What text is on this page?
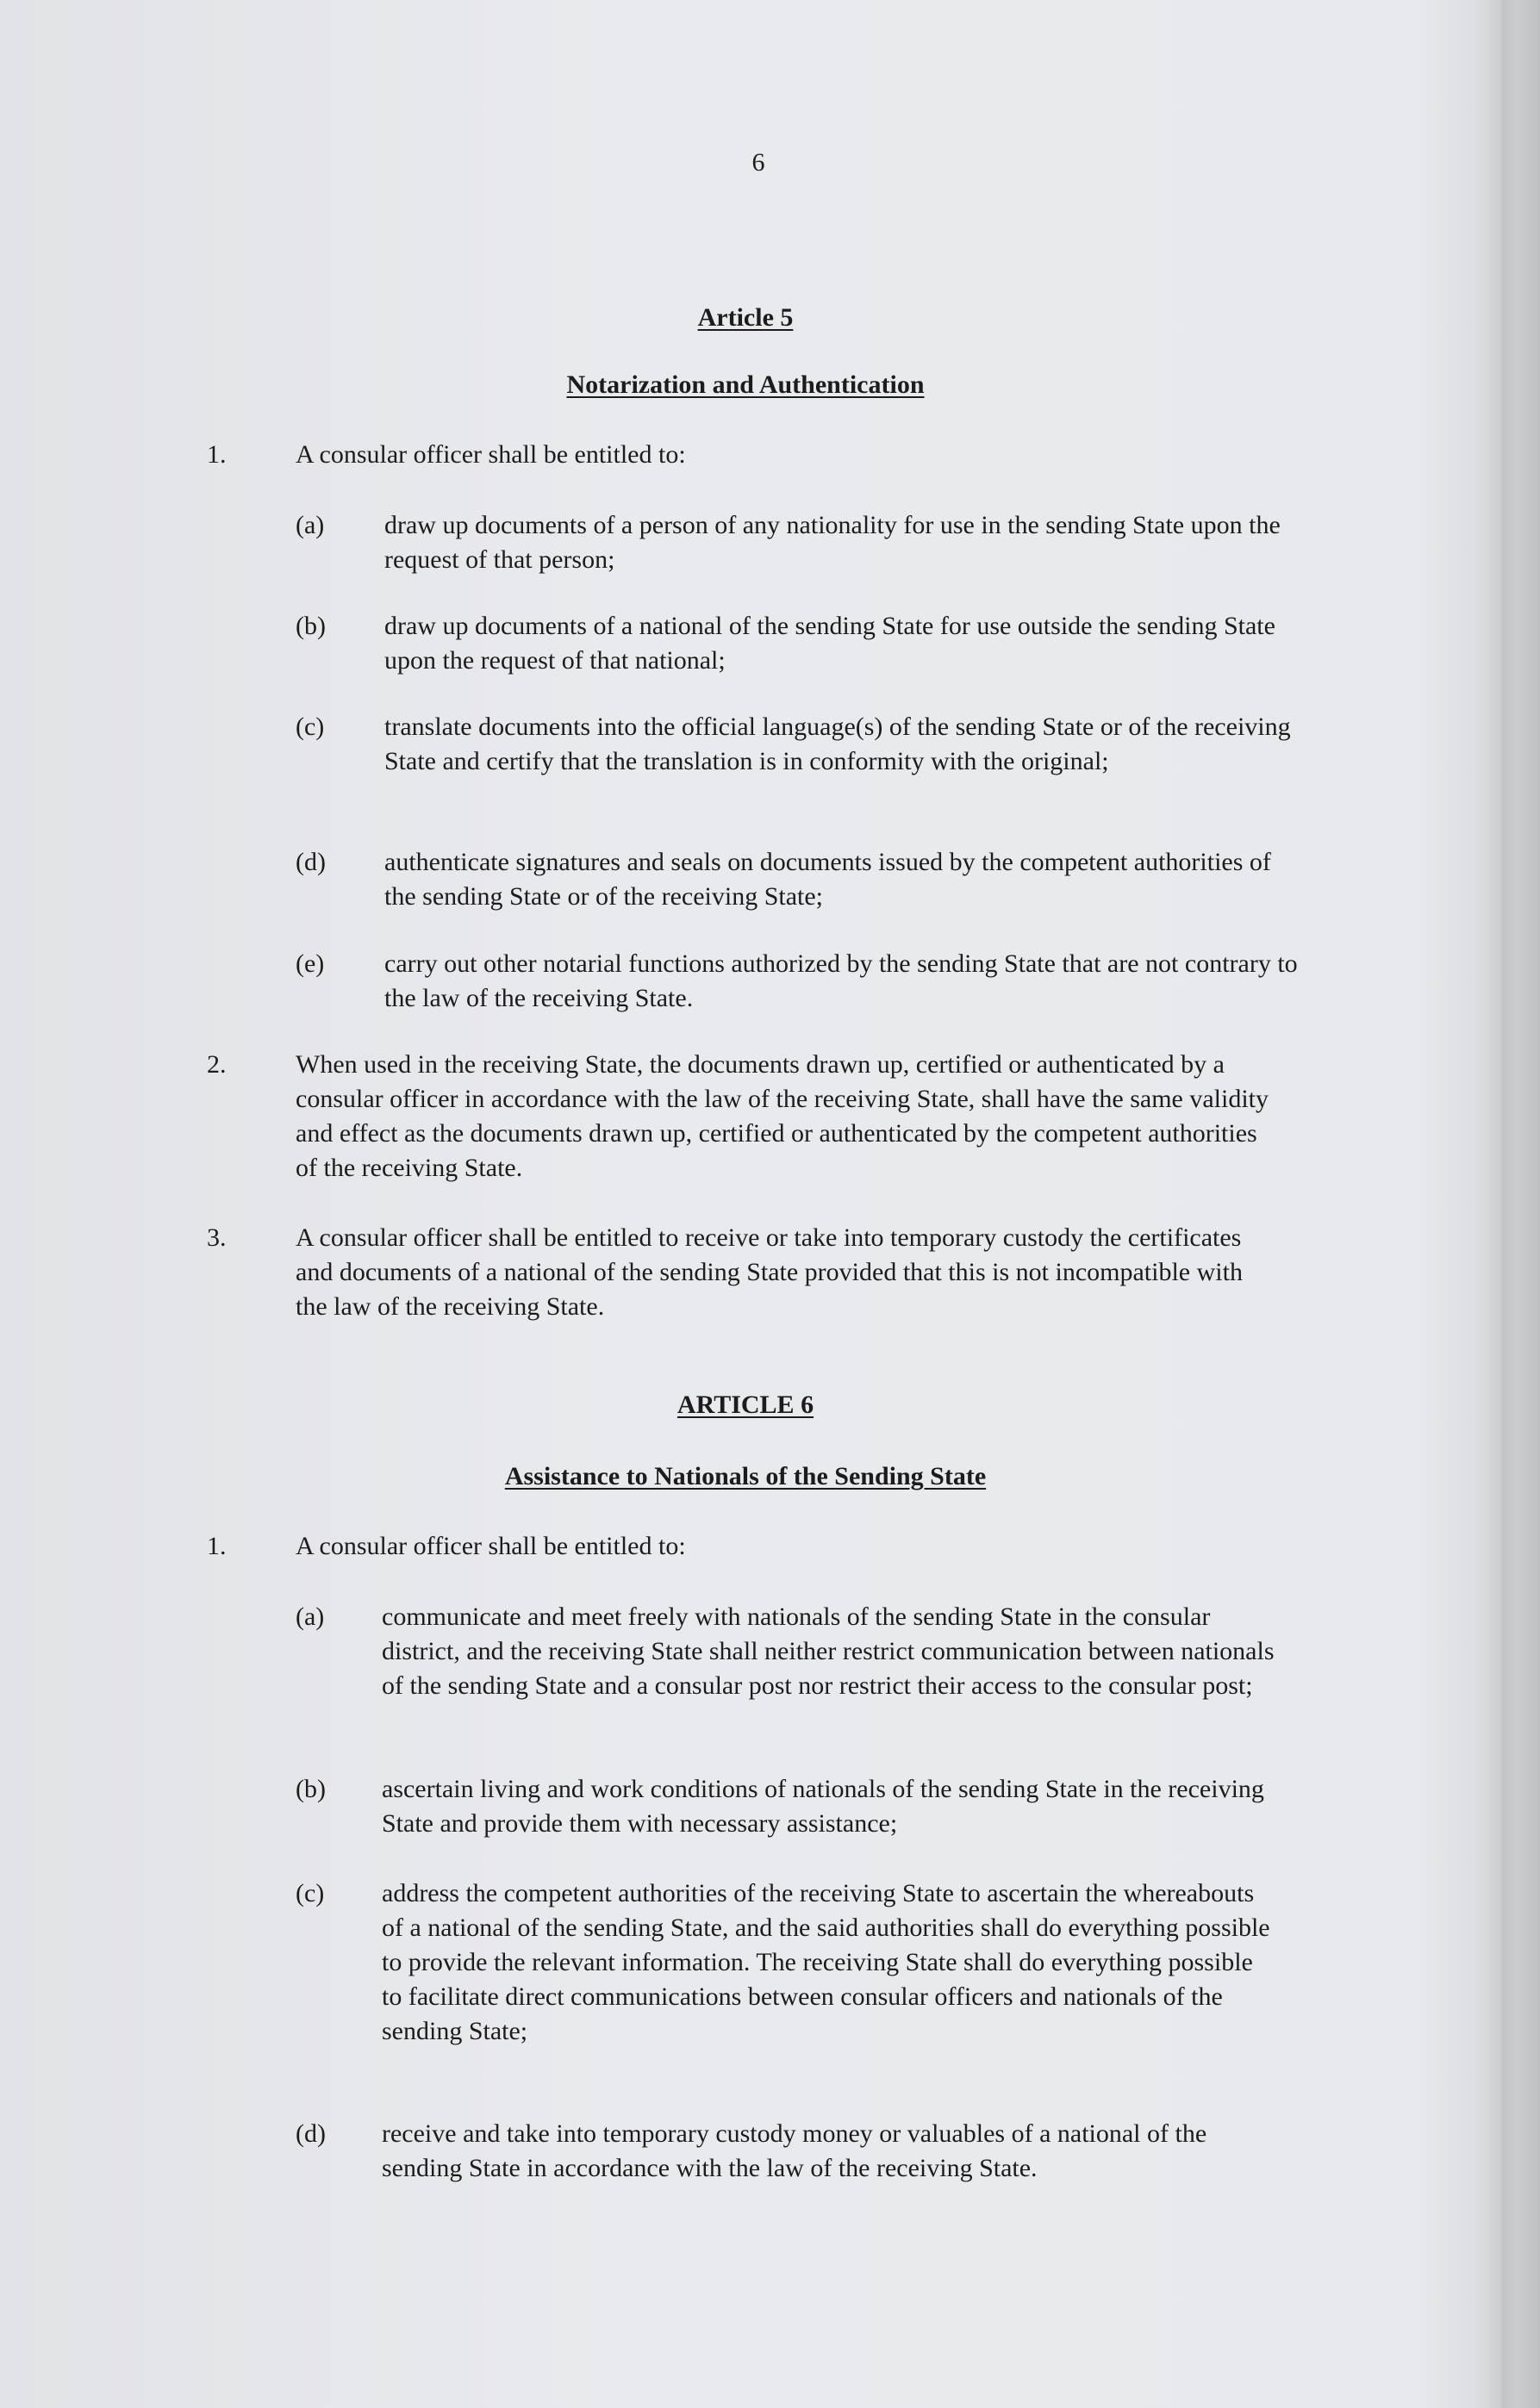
6
Article 5
Notarization and Authentication
1.	A consular officer shall be entitled to:
(a) draw up documents of a person of any nationality for use in the sending State upon the request of that person;
(b) draw up documents of a national of the sending State for use outside the sending State upon the request of that national;
(c) translate documents into the official language(s) of the sending State or of the receiving State and certify that the translation is in conformity with the original;
(d) authenticate signatures and seals on documents issued by the competent authorities of the sending State or of the receiving State;
(e) carry out other notarial functions authorized by the sending State that are not contrary to the law of the receiving State.
2.	When used in the receiving State, the documents drawn up, certified or authenticated by a consular officer in accordance with the law of the receiving State, shall have the same validity and effect as the documents drawn up, certified or authenticated by the competent authorities of the receiving State.
3.	A consular officer shall be entitled to receive or take into temporary custody the certificates and documents of a national of the sending State provided that this is not incompatible with the law of the receiving State.
ARTICLE 6
Assistance to Nationals of the Sending State
1.	A consular officer shall be entitled to:
(a) communicate and meet freely with nationals of the sending State in the consular district, and the receiving State shall neither restrict communication between nationals of the sending State and a consular post nor restrict their access to the consular post;
(b) ascertain living and work conditions of nationals of the sending State in the receiving State and provide them with necessary assistance;
(c) address the competent authorities of the receiving State to ascertain the whereabouts of a national of the sending State, and the said authorities shall do everything possible to provide the relevant information. The receiving State shall do everything possible to facilitate direct communications between consular officers and nationals of the sending State;
(d) receive and take into temporary custody money or valuables of a national of the sending State in accordance with the law of the receiving State.
